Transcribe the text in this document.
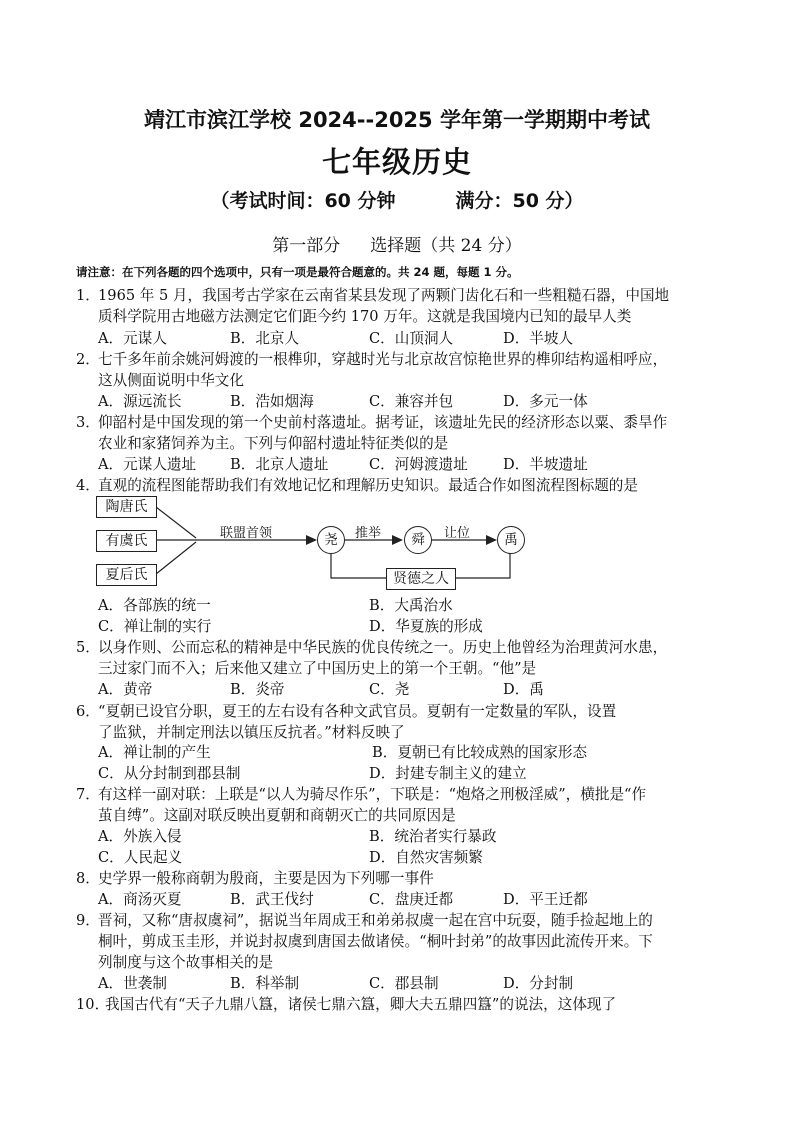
靖江市滨江学校 2024--2025 学年第一学期期中考试
七年级历史
（考试时间：60 分钟	满分：50 分）
第一部分 选择题（共 24 分）
请注意：在下列各题的四个选项中，只有一项是最符合题意的。共 24 题，每题 1 分。
1．
1965 年 5 月，我国考古学家在云南省某县发现了两颗门齿化石和一些粗糙石器，中国地
质科学院用古地磁方法测定它们距今约 170 万年。这就是我国境内已知的最早人类
A．元谋人	B．北京人	C．山顶洞人	D．半坡人
2．
七千多年前余姚河姆渡的一根榫卯，穿越时光与北京故宫惊艳世界的榫卯结构遥相呼应，
这从侧面说明中华文化
A．源远流长	B．浩如烟海	C．兼容并包	D．多元一体
3．
仰韶村是中国发现的第一个史前村落遗址。据考证，该遗址先民的经济形态以粟、黍旱作
农业和家猪饲养为主。下列与仰韶村遗址特征类似的是
A．元谋人遗址 B．北京人遗址	C．河姆渡遗址 D．半坡遗址
4．
直观的流程图能帮助我们有效地记忆和理解历史知识。最适合作如图流程图标题的是
陶唐氏
有虞氏
夏后氏
联盟首领	尧	推举	舜	让位	禹
贤德之人
A．各部族的统一	B．大禹治水
C．禅让制的实行	D．华夏族的形成
5．
以身作则、公而忘私的精神是中华民族的优良传统之一。历史上他曾经为治理黄河水患，
三过家门而不入；后来他又建立了中国历史上的第一个王朝。“他”是
A．黄帝	B．炎帝	C．尧	D．禹
6．
“夏朝已设官分职，夏王的左右设有各种文武官员。夏朝有一定数量的军队，设置
了监狱，并制定刑法以镇压反抗者。”材料反映了
A．禅让制的产生	B．夏朝已有比较成熟的国家形态
C．从分封制到郡县制	D．封建专制主义的建立
7．
有这样一副对联：上联是“以人为骑尽作乐”，下联是：“炮烙之刑极淫威”，横批是“作
茧自缚”。这副对联反映出夏朝和商朝灭亡的共同原因是
A．外族入侵	B．统治者实行暴政
C．人民起义	D．自然灾害频繁
8．
史学界一般称商朝为殷商，主要是因为下列哪一事件
A．商汤灭夏	B．武王伐纣	C．盘庚迁都	D．平王迁都
9．
晋祠，又称“唐叔虞祠”，据说当年周成王和弟弟叔虞一起在宫中玩耍，随手捡起地上的
桐叶，剪成玉圭形，并说封叔虞到唐国去做诸侯。“桐叶封弟”的故事因此流传开来。下
列制度与这个故事相关的是
A．世袭制	B．科举制	C．郡县制	D．分封制
10．
我国古代有“天子九鼎八簋，诸侯七鼎六簋，卿大夫五鼎四簋”的说法，这体现了
